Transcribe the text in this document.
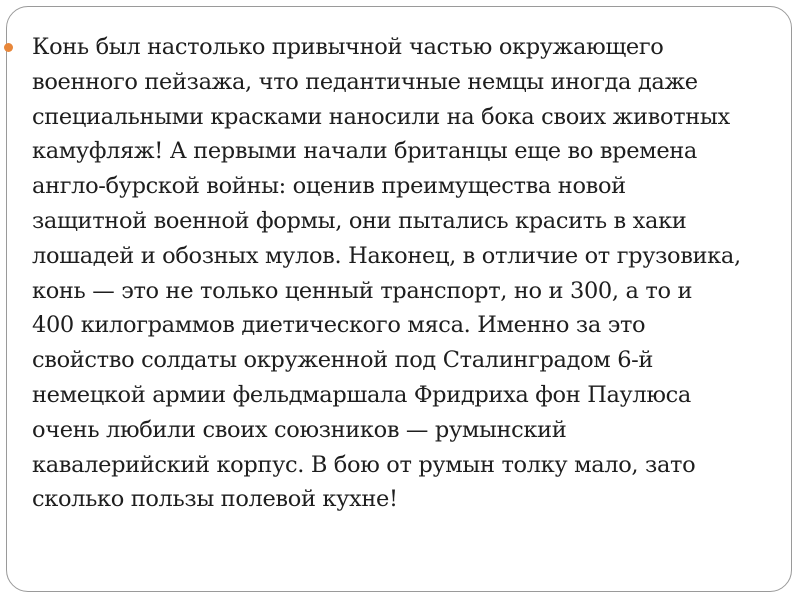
Конь был настолько привычной частью окружающего
военного пейзажа, что педантичные немцы иногда даже
специальными красками наносили на бока своих животных
камуфляж! А первыми начали британцы еще во времена
англо-бурской войны: оценив преимущества новой
защитной военной формы, они пытались красить в хаки
лошадей и обозных мулов. Наконец, в отличие от грузовика,
конь — это не только ценный транспорт, но и 300, а то и
400 килограммов диетического мяса. Именно за это
свойство солдаты окруженной под Сталинградом 6-й
немецкой армии фельдмаршала Фридриха фон Паулюса
очень любили своих союзников — румынский
кавалерийский корпус. В бою от румын толку мало, зато
сколько пользы полевой кухне!
